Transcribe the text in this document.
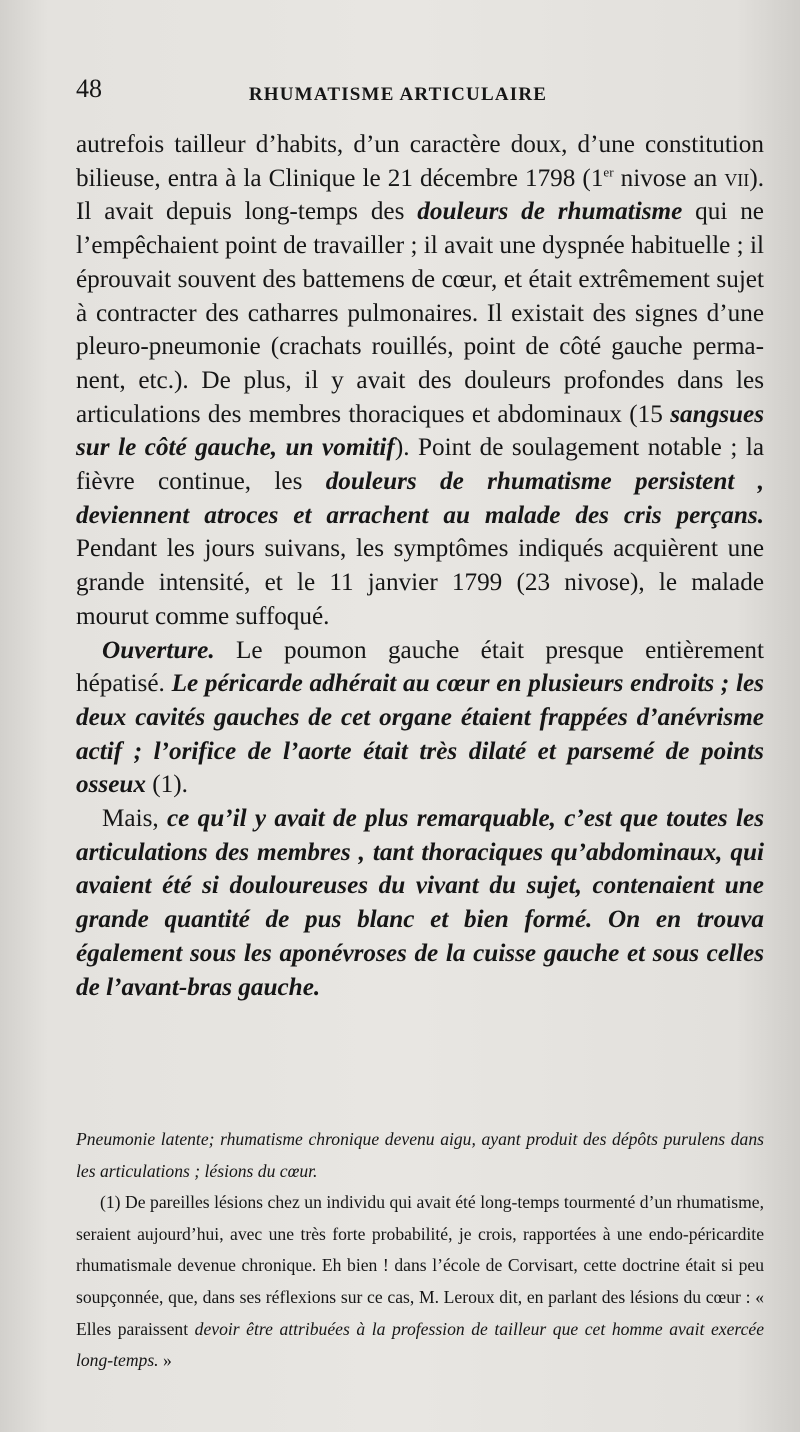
48	RHUMATISME ARTICULAIRE

autrefois tailleur d’habits, d’un caractère doux, d’une constitution bilieuse, entra à la Clinique le 21 décembre 1798 (1er nivose an vii). Il avait depuis long-temps des douleurs de rhumatisme qui ne l’empêchaient point de travailler ; il avait une dyspnée habituelle ; il éprouvait souvent des battemens de cœur, et était extrêmement sujet à contracter des catharres pulmonaires. Il existait des signes d’une pleuro-pneumonie (crachats rouillés, point de côté gauche permanent, etc.). De plus, il y avait des douleurs profondes dans les articulations des membres thoraciques et abdominaux (15 sangsues sur le côté gauche, un vomitif). Point de soulagement notable ; la fièvre continue, les douleurs de rhumatisme persistent , deviennent atroces et arrachent au malade des cris perçans. Pendant les jours suivans, les symptômes indiqués acquièrent une grande intensité, et le 11 janvier 1799 (23 nivose), le malade mourut comme suffoqué.

Ouverture. Le poumon gauche était presque entièrement hépatisé. Le péricarde adhérait au cœur en plusieurs endroits ; les deux cavités gauches de cet organe étaient frappées d’anévrisme actif ; l’orifice de l’aorte était très dilaté et parsemé de points osseux (1).

Mais, ce qu’il y avait de plus remarquable, c’est que toutes les articulations des membres , tant thoraciques qu’abdominaux, qui avaient été si douloureuses du vivant du sujet, contenaient une grande quantité de pus blanc et bien formé. On en trouva également sous les aponévroses de la cuisse gauche et sous celles de l’avant-bras gauche.

Pneumonie latente; rhumatisme chronique devenu aigu, ayant produit des dépôts purulens dans les articulations ; lésions du cœur.

(1) De pareilles lésions chez un individu qui avait été long-temps tourmenté d’un rhumatisme, seraient aujourd’hui, avec une très forte probabilité, je crois, rapportées à une endo-péricardite rhumatismale devenue chronique. Eh bien ! dans l’école de Corvisart, cette doctrine était si peu soupçonnée, que, dans ses réflexions sur ce cas, M. Leroux dit, en parlant des lésions du cœur : « Elles paraissent devoir être attribuées à la profession de tailleur que cet homme avait exercée long-temps. »
